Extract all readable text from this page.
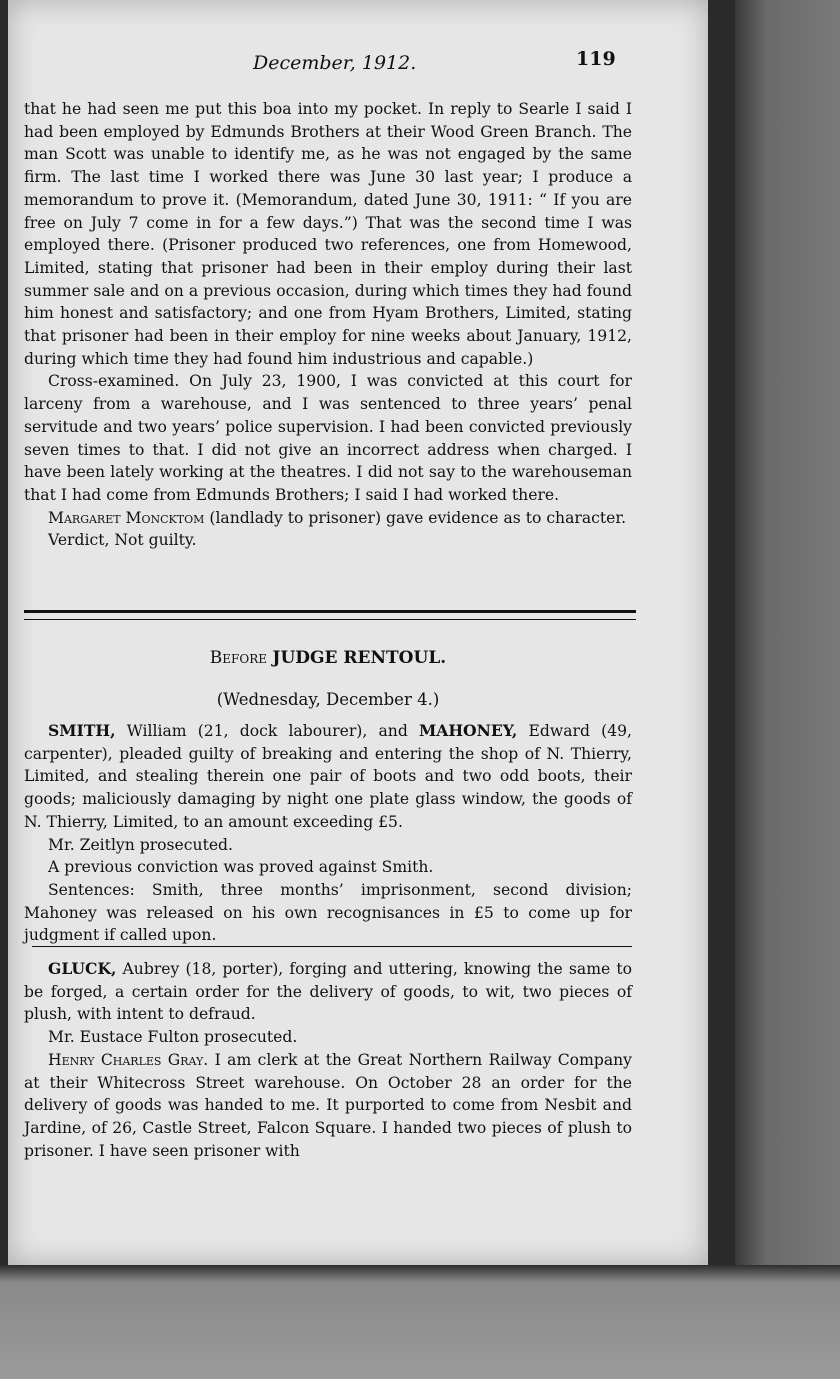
December, 1912.	119

that he had seen me put this boa into my pocket. In reply to Searle I said I had been employed by Edmunds Brothers at their Wood Green Branch. The man Scott was unable to identify me, as he was not engaged by the same firm. The last time I worked there was June 30 last year; I produce a memorandum to prove it. (Memorandum, dated June 30, 1911: “ If you are free on July 7 come in for a few days.”) That was the second time I was employed there. (Prisoner produced two references, one from Homewood, Limited, stating that prisoner had been in their employ during their last summer sale and on a previous occasion, during which times they had found him honest and satisfactory; and one from Hyam Brothers, Limited, stating that prisoner had been in their employ for nine weeks about January, 1912, during which time they had found him industrious and capable.)

Cross-examined. On July 23, 1900, I was convicted at this court for larceny from a warehouse, and I was sentenced to three years’ penal servitude and two years’ police supervision. I had been convicted previously seven times to that. I did not give an incorrect address when charged. I have been lately working at the theatres. I did not say to the warehouseman that I had come from Edmunds Brothers; I said I had worked there.

Margaret Moncktom (landlady to prisoner) gave evidence as to character.

Verdict, Not guilty.

Before JUDGE RENTOUL.
(Wednesday, December 4.)

SMITH, William (21, dock labourer), and MAHONEY, Edward (49, carpenter), pleaded guilty of breaking and entering the shop of N. Thierry, Limited, and stealing therein one pair of boots and two odd boots, their goods; maliciously damaging by night one plate glass window, the goods of N. Thierry, Limited, to an amount exceeding £5.

Mr. Zeitlyn prosecuted.

A previous conviction was proved against Smith.

Sentences: Smith, three months’ imprisonment, second division; Mahoney was released on his own recognisances in £5 to come up for judgment if called upon.

GLUCK, Aubrey (18, porter), forging and uttering, knowing the same to be forged, a certain order for the delivery of goods, to wit, two pieces of plush, with intent to defraud.

Mr. Eustace Fulton prosecuted.

Henry Charles Gray. I am clerk at the Great Northern Railway Company at their Whitecross Street warehouse. On October 28 an order for the delivery of goods was handed to me. It purported to come from Nesbit and Jardine, of 26, Castle Street, Falcon Square. I handed two pieces of plush to prisoner. I have seen prisoner with
